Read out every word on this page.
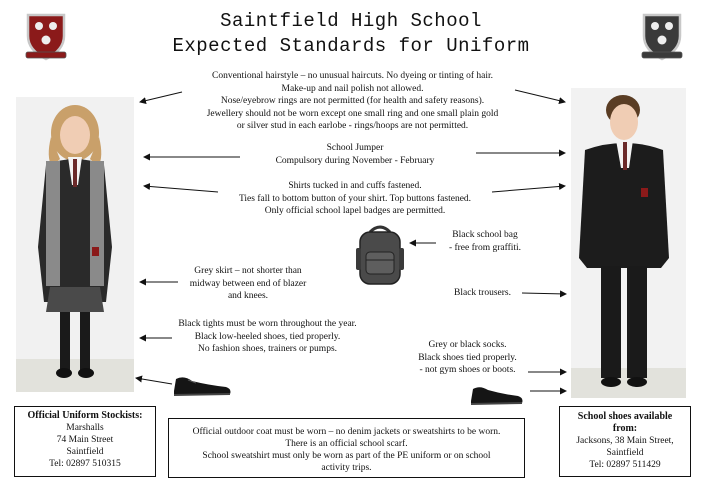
Saintfield High School
Expected Standards for Uniform
Conventional hairstyle – no unusual haircuts. No dyeing or tinting of hair.
Make-up and nail polish not allowed.
Nose/eyebrow rings are not permitted (for health and safety reasons).
Jewellery should not be worn except one small ring and one small plain gold
or silver stud in each earlobe - rings/hoops are not permitted.
School Jumper
Compulsory during November - February
Shirts tucked in and cuffs fastened.
Ties fall to bottom button of your shirt. Top buttons fastened.
Only official school lapel badges are permitted.
Black school bag
- free from graffiti.
Grey skirt – not shorter than
midway between end of blazer
and knees.	Black trousers.
Black tights must be worn throughout the year.
Black low-heeled shoes, tied properly.
No fashion shoes, trainers or pumps.	Grey or black socks.
Black shoes tied properly.
- not gym shoes or boots.
Official Uniform Stockists:
Marshalls
74 Main Street
Saintfield
Tel: 02897 510315
Official outdoor coat must be worn – no denim jackets or sweatshirts to be worn.
There is an official school scarf.
School sweatshirt must only be worn as part of the PE uniform or on school
activity trips.
School shoes available
from:
Jacksons, 38 Main Street,
Saintfield
Tel: 02897 511429
